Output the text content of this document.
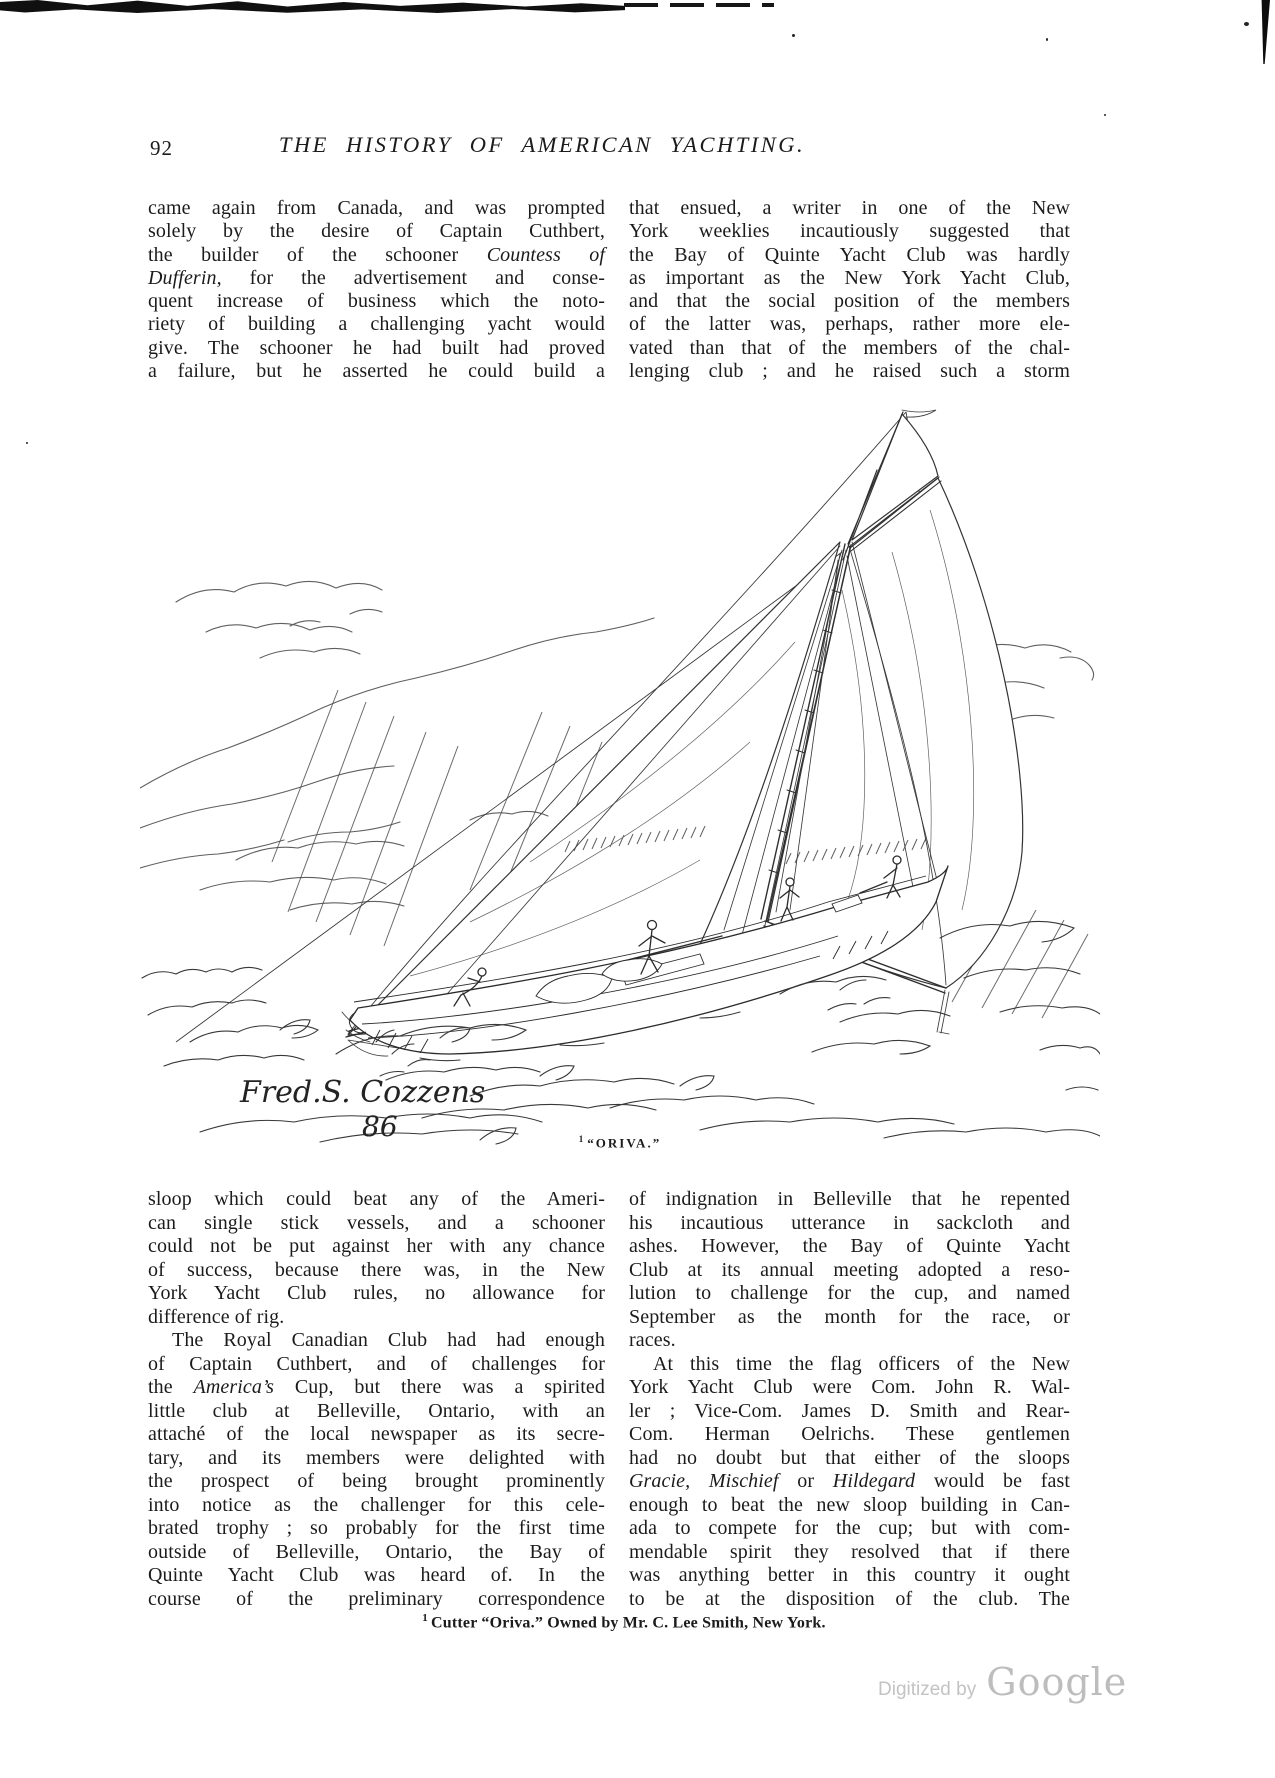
92	THE HISTORY OF AMERICAN YACHTING.
came again from Canada, and was prompted
solely by the desire of Captain Cuthbert,
the builder of the schooner Countess of
Dufferin, for the advertisement and conse-
quent increase of business which the noto-
riety of building a challenging yacht would
give. The schooner he had built had proved
a failure, but he asserted he could build a
that ensued, a writer in one of the New
York weeklies incautiously suggested that
the Bay of Quinte Yacht Club was hardly
as important as the New York Yacht Club,
and that the social position of the members
of the latter was, perhaps, rather more ele-
vated than that of the members of the chal-
lenging club ; and he raised such a storm
Fred.S. Cozzens
86	$^1$ “ORIVA.”
sloop which could beat any of the Ameri-
can single stick vessels, and a schooner
could not be put against her with any chance
of success, because there was, in the New
York Yacht Club rules, no allowance for
difference of rig.
The Royal Canadian Club had had enough
of Captain Cuthbert, and of challenges for
the America’s Cup, but there was a spirited
little club at Belleville, Ontario, with an
attaché of the local newspaper as its secre-
tary, and its members were delighted with
the prospect of being brought prominently
into notice as the challenger for this cele-
brated trophy ; so probably for the first time
outside of Belleville, Ontario, the Bay of
Quinte Yacht Club was heard of. In the
course of the preliminary correspondence
of indignation in Belleville that he repented
his incautious utterance in sackcloth and
ashes. However, the Bay of Quinte Yacht
Club at its annual meeting adopted a reso-
lution to challenge for the cup, and named
September as the month for the race, or
races.
At this time the flag officers of the New
York Yacht Club were Com. John R. Wal-
ler ; Vice-Com. James D. Smith and Rear-
Com. Herman Oelrichs. These gentlemen
had no doubt but that either of the sloops
Gracie, Mischief or Hildegard would be fast
enough to beat the new sloop building in Can-
ada to compete for the cup; but with com-
mendable spirit they resolved that if there
was anything better in this country it ought
to be at the disposition of the club. The
$^1$ Cutter “Oriva.” Owned by Mr. C. Lee Smith, New York.
Digitized by Google
